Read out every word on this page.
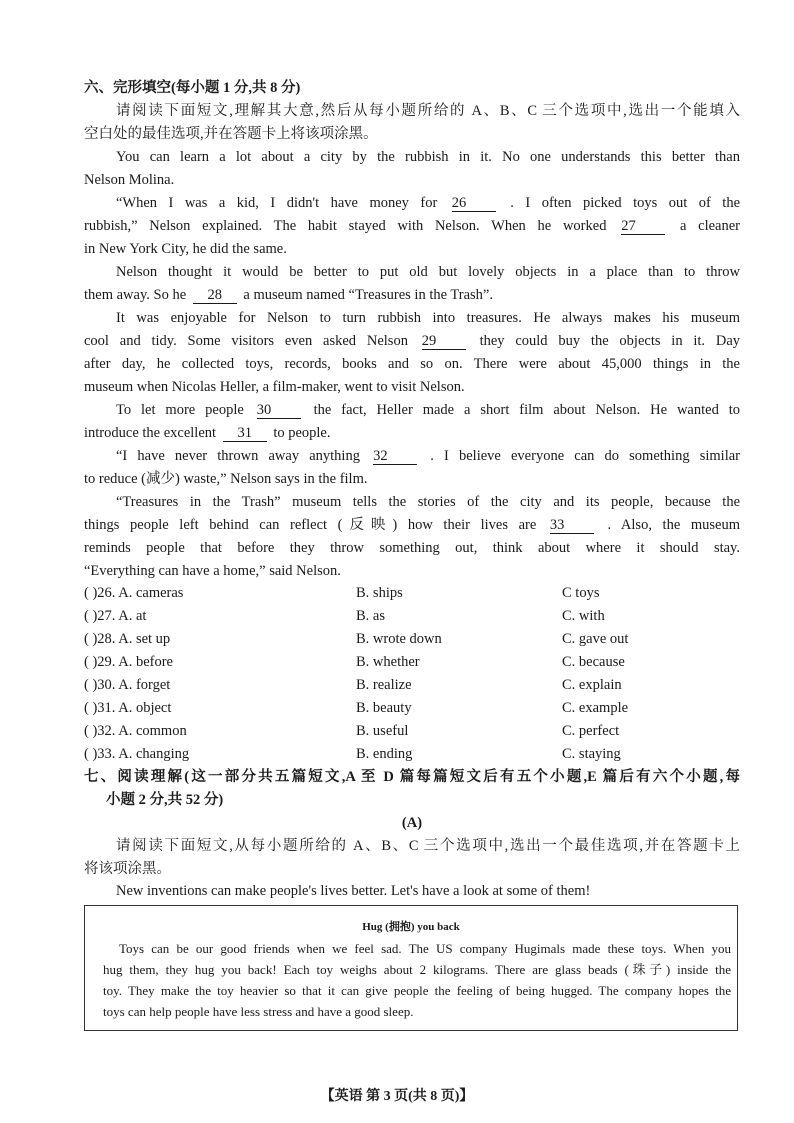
六、完形填空(每小题 1 分,共 8 分)
请阅读下面短文,理解其大意,然后从每小题所给的 A、B、C 三个选项中,选出一个能填入
空白处的最佳选项,并在答题卡上将该项涂黑。
You can learn a lot about a city by the rubbish in it. No one understands this better than
Nelson Molina.
“When I was a kid, I didn't have money for 26	. I often picked toys out of the
rubbish,” Nelson explained. The habit stayed with Nelson. When he worked 27	a cleaner
in New York City, he did the same.
Nelson thought it would be better to put old but lovely objects in a place than to throw
them away. So he 28 a museum named “Treasures in the Trash”.
It was enjoyable for Nelson to turn rubbish into treasures. He always makes his museum
cool and tidy. Some visitors even asked Nelson 29	they could buy the objects in it. Day
after day, he collected toys, records, books and so on. There were about 45,000 things in the
museum when Nicolas Heller, a film-maker, went to visit Nelson.
To let more people 30	the fact, Heller made a short film about Nelson. He wanted to
introduce the excellent 31 to people.
“I have never thrown away anything 32	. I believe everyone can do something similar
to reduce (减少) waste,” Nelson says in the film.
“Treasures in the Trash” museum tells the stories of the city and its people, because the
things people left behind can reflect (反映) how their lives are 33	. Also, the museum
reminds people that before they throw something out, think about where it should stay.
“Everything can have a home,” said Nelson.
( )26. A. cameras	B. ships	C toys
( )27. A. at	B. as	C. with
( )28. A. set up	B. wrote down	C. gave out
( )29. A. before	B. whether	C. because
( )30. A. forget	B. realize	C. explain
( )31. A. object	B. beauty	C. example
( )32. A. common	B. useful	C. perfect
( )33. A. changing	B. ending	C. staying
七、阅读理解(这一部分共五篇短文,A 至 D 篇每篇短文后有五个小题,E 篇后有六个小题,每
小题 2 分,共 52 分)
(A)
请阅读下面短文,从每小题所给的 A、B、C 三个选项中,选出一个最佳选项,并在答题卡上
将该项涂黑。
New inventions can make people's lives better. Let's have a look at some of them!
Hug (拥抱) you back
Toys can be our good friends when we feel sad. The US company Hugimals made these toys. When you
hug them, they hug you back! Each toy weighs about 2 kilograms. There are glass beads (珠子) inside the
toy. They make the toy heavier so that it can give people the feeling of being hugged. The company hopes the
toys can help people have less stress and have a good sleep.
【英语 第 3 页(共 8 页)】
